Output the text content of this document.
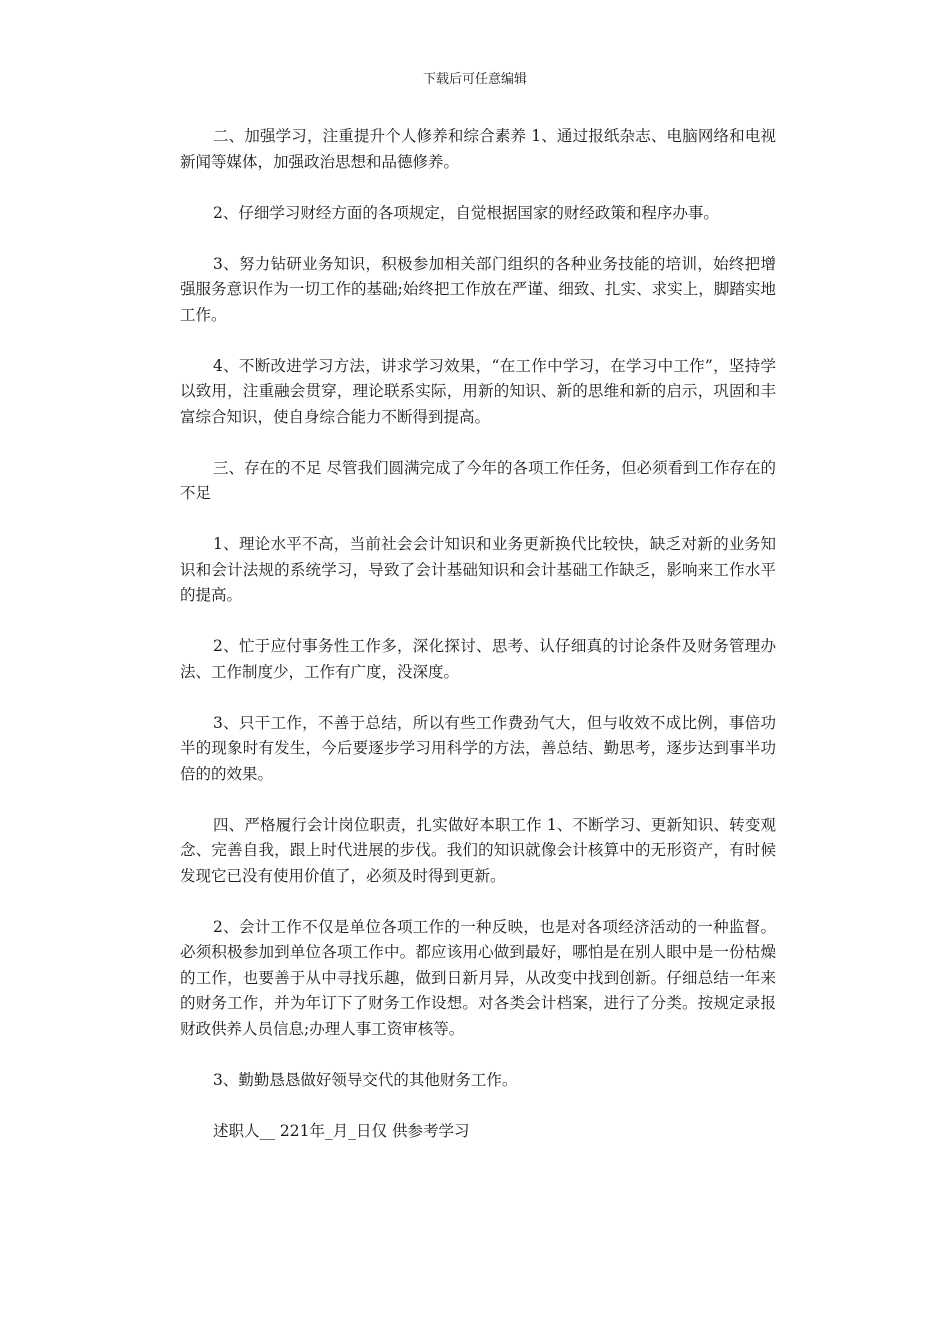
下载后可任意编辑

二、加强学习，注重提升个人修养和综合素养 1、通过报纸杂志、电脑网络和电视新闻等媒体，加强政治思想和品德修养。

2、仔细学习财经方面的各项规定，自觉根据国家的财经政策和程序办事。

3、努力钻研业务知识，积极参加相关部门组织的各种业务技能的培训，始终把增强服务意识作为一切工作的基础;始终把工作放在严谨、细致、扎实、求实上，脚踏实地工作。

4、不断改进学习方法，讲求学习效果，“在工作中学习，在学习中工作”，坚持学以致用，注重融会贯穿，理论联系实际，用新的知识、新的思维和新的启示，巩固和丰富综合知识，使自身综合能力不断得到提高。

三、存在的不足 尽管我们圆满完成了今年的各项工作任务，但必须看到工作存在的不足

1、理论水平不高，当前社会会计知识和业务更新换代比较快，缺乏对新的业务知识和会计法规的系统学习，导致了会计基础知识和会计基础工作缺乏，影响来工作水平的提高。

2、忙于应付事务性工作多，深化探讨、思考、认仔细真的讨论条件及财务管理办法、工作制度少，工作有广度，没深度。

3、只干工作，不善于总结，所以有些工作费劲气大，但与收效不成比例，事倍功半的现象时有发生，今后要逐步学习用科学的方法，善总结、勤思考，逐步达到事半功倍的的效果。

四、严格履行会计岗位职责，扎实做好本职工作 1、不断学习、更新知识、转变观念、完善自我，跟上时代进展的步伐。我们的知识就像会计核算中的无形资产，有时候发现它已没有使用价值了，必须及时得到更新。

2、会计工作不仅是单位各项工作的一种反映，也是对各项经济活动的一种监督。必须积极参加到单位各项工作中。都应该用心做到最好，哪怕是在别人眼中是一份枯燥的工作，也要善于从中寻找乐趣，做到日新月异，从改变中找到创新。仔细总结一年来的财务工作，并为年订下了财务工作设想。对各类会计档案，进行了分类。按规定录报财政供养人员信息;办理人事工资审核等。

3、勤勤恳恳做好领导交代的其他财务工作。

述职人__ 221年_月_日仅 供参考学习
